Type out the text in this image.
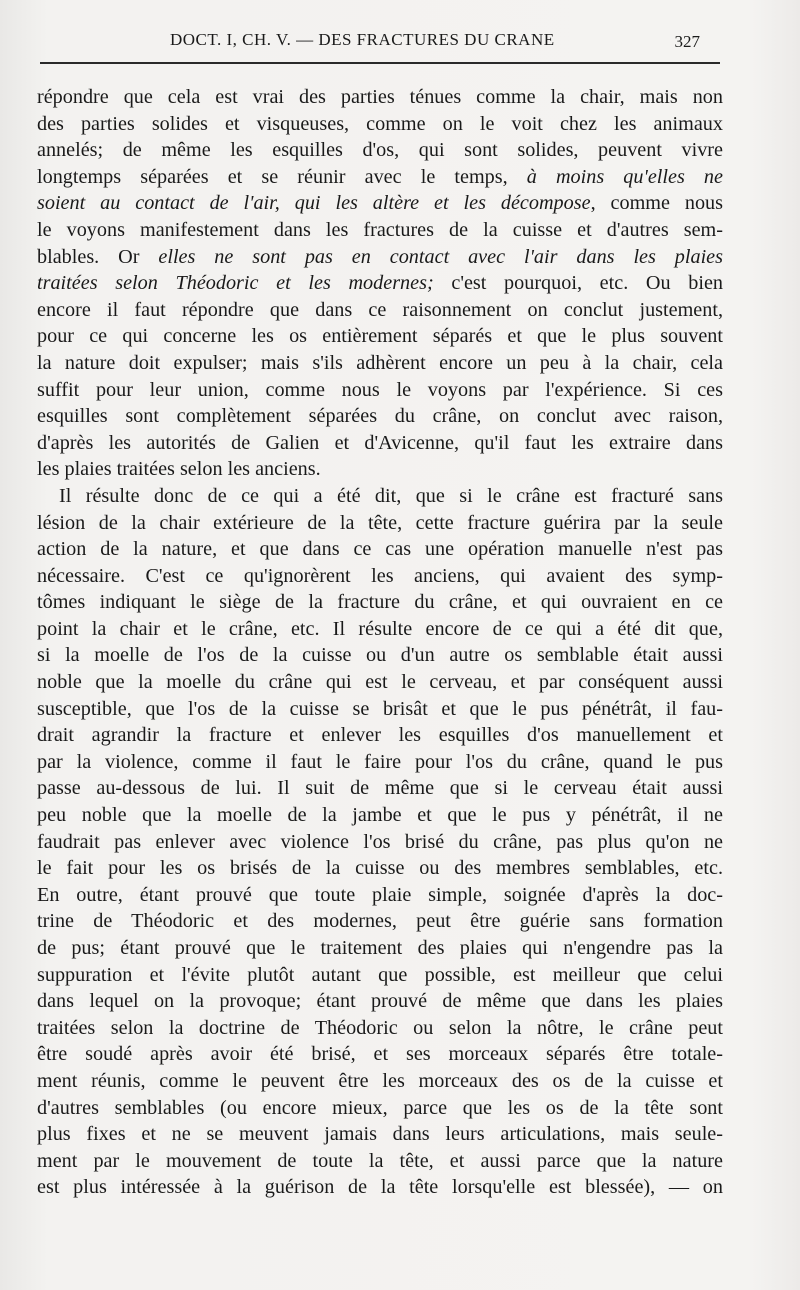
DOCT. I, CH. V. — DES FRACTURES DU CRANE	327
répondre que cela est vrai des parties ténues comme la chair, mais non
des parties solides et visqueuses, comme on le voit chez les animaux
annelés; de même les esquilles d'os, qui sont solides, peuvent vivre
longtemps séparées et se réunir avec le temps, à moins qu'elles ne
soient au contact de l'air, qui les altère et les décompose, comme nous
le voyons manifestement dans les fractures de la cuisse et d'autres sem-
blables. Or elles ne sont pas en contact avec l'air dans les plaies
traitées selon Théodoric et les modernes; c'est pourquoi, etc. Ou bien
encore il faut répondre que dans ce raisonnement on conclut justement,
pour ce qui concerne les os entièrement séparés et que le plus souvent
la nature doit expulser; mais s'ils adhèrent encore un peu à la chair, cela
suffit pour leur union, comme nous le voyons par l'expérience. Si ces
esquilles sont complètement séparées du crâne, on conclut avec raison,
d'après les autorités de Galien et d'Avicenne, qu'il faut les extraire dans
les plaies traitées selon les anciens.
Il résulte donc de ce qui a été dit, que si le crâne est fracturé sans
lésion de la chair extérieure de la tête, cette fracture guérira par la seule
action de la nature, et que dans ce cas une opération manuelle n'est pas
nécessaire. C'est ce qu'ignorèrent les anciens, qui avaient des symp-
tômes indiquant le siège de la fracture du crâne, et qui ouvraient en ce
point la chair et le crâne, etc. Il résulte encore de ce qui a été dit que,
si la moelle de l'os de la cuisse ou d'un autre os semblable était aussi
noble que la moelle du crâne qui est le cerveau, et par conséquent aussi
susceptible, que l'os de la cuisse se brisât et que le pus pénétrât, il fau-
drait agrandir la fracture et enlever les esquilles d'os manuellement et
par la violence, comme il faut le faire pour l'os du crâne, quand le pus
passe au-dessous de lui. Il suit de même que si le cerveau était aussi
peu noble que la moelle de la jambe et que le pus y pénétrât, il ne
faudrait pas enlever avec violence l'os brisé du crâne, pas plus qu'on ne
le fait pour les os brisés de la cuisse ou des membres semblables, etc.
En outre, étant prouvé que toute plaie simple, soignée d'après la doc-
trine de Théodoric et des modernes, peut être guérie sans formation
de pus; étant prouvé que le traitement des plaies qui n'engendre pas la
suppuration et l'évite plutôt autant que possible, est meilleur que celui
dans lequel on la provoque; étant prouvé de même que dans les plaies
traitées selon la doctrine de Théodoric ou selon la nôtre, le crâne peut
être soudé après avoir été brisé, et ses morceaux séparés être totale-
ment réunis, comme le peuvent être les morceaux des os de la cuisse et
d'autres semblables (ou encore mieux, parce que les os de la tête sont
plus fixes et ne se meuvent jamais dans leurs articulations, mais seule-
ment par le mouvement de toute la tête, et aussi parce que la nature
est plus intéressée à la guérison de la tête lorsqu'elle est blessée), — on
